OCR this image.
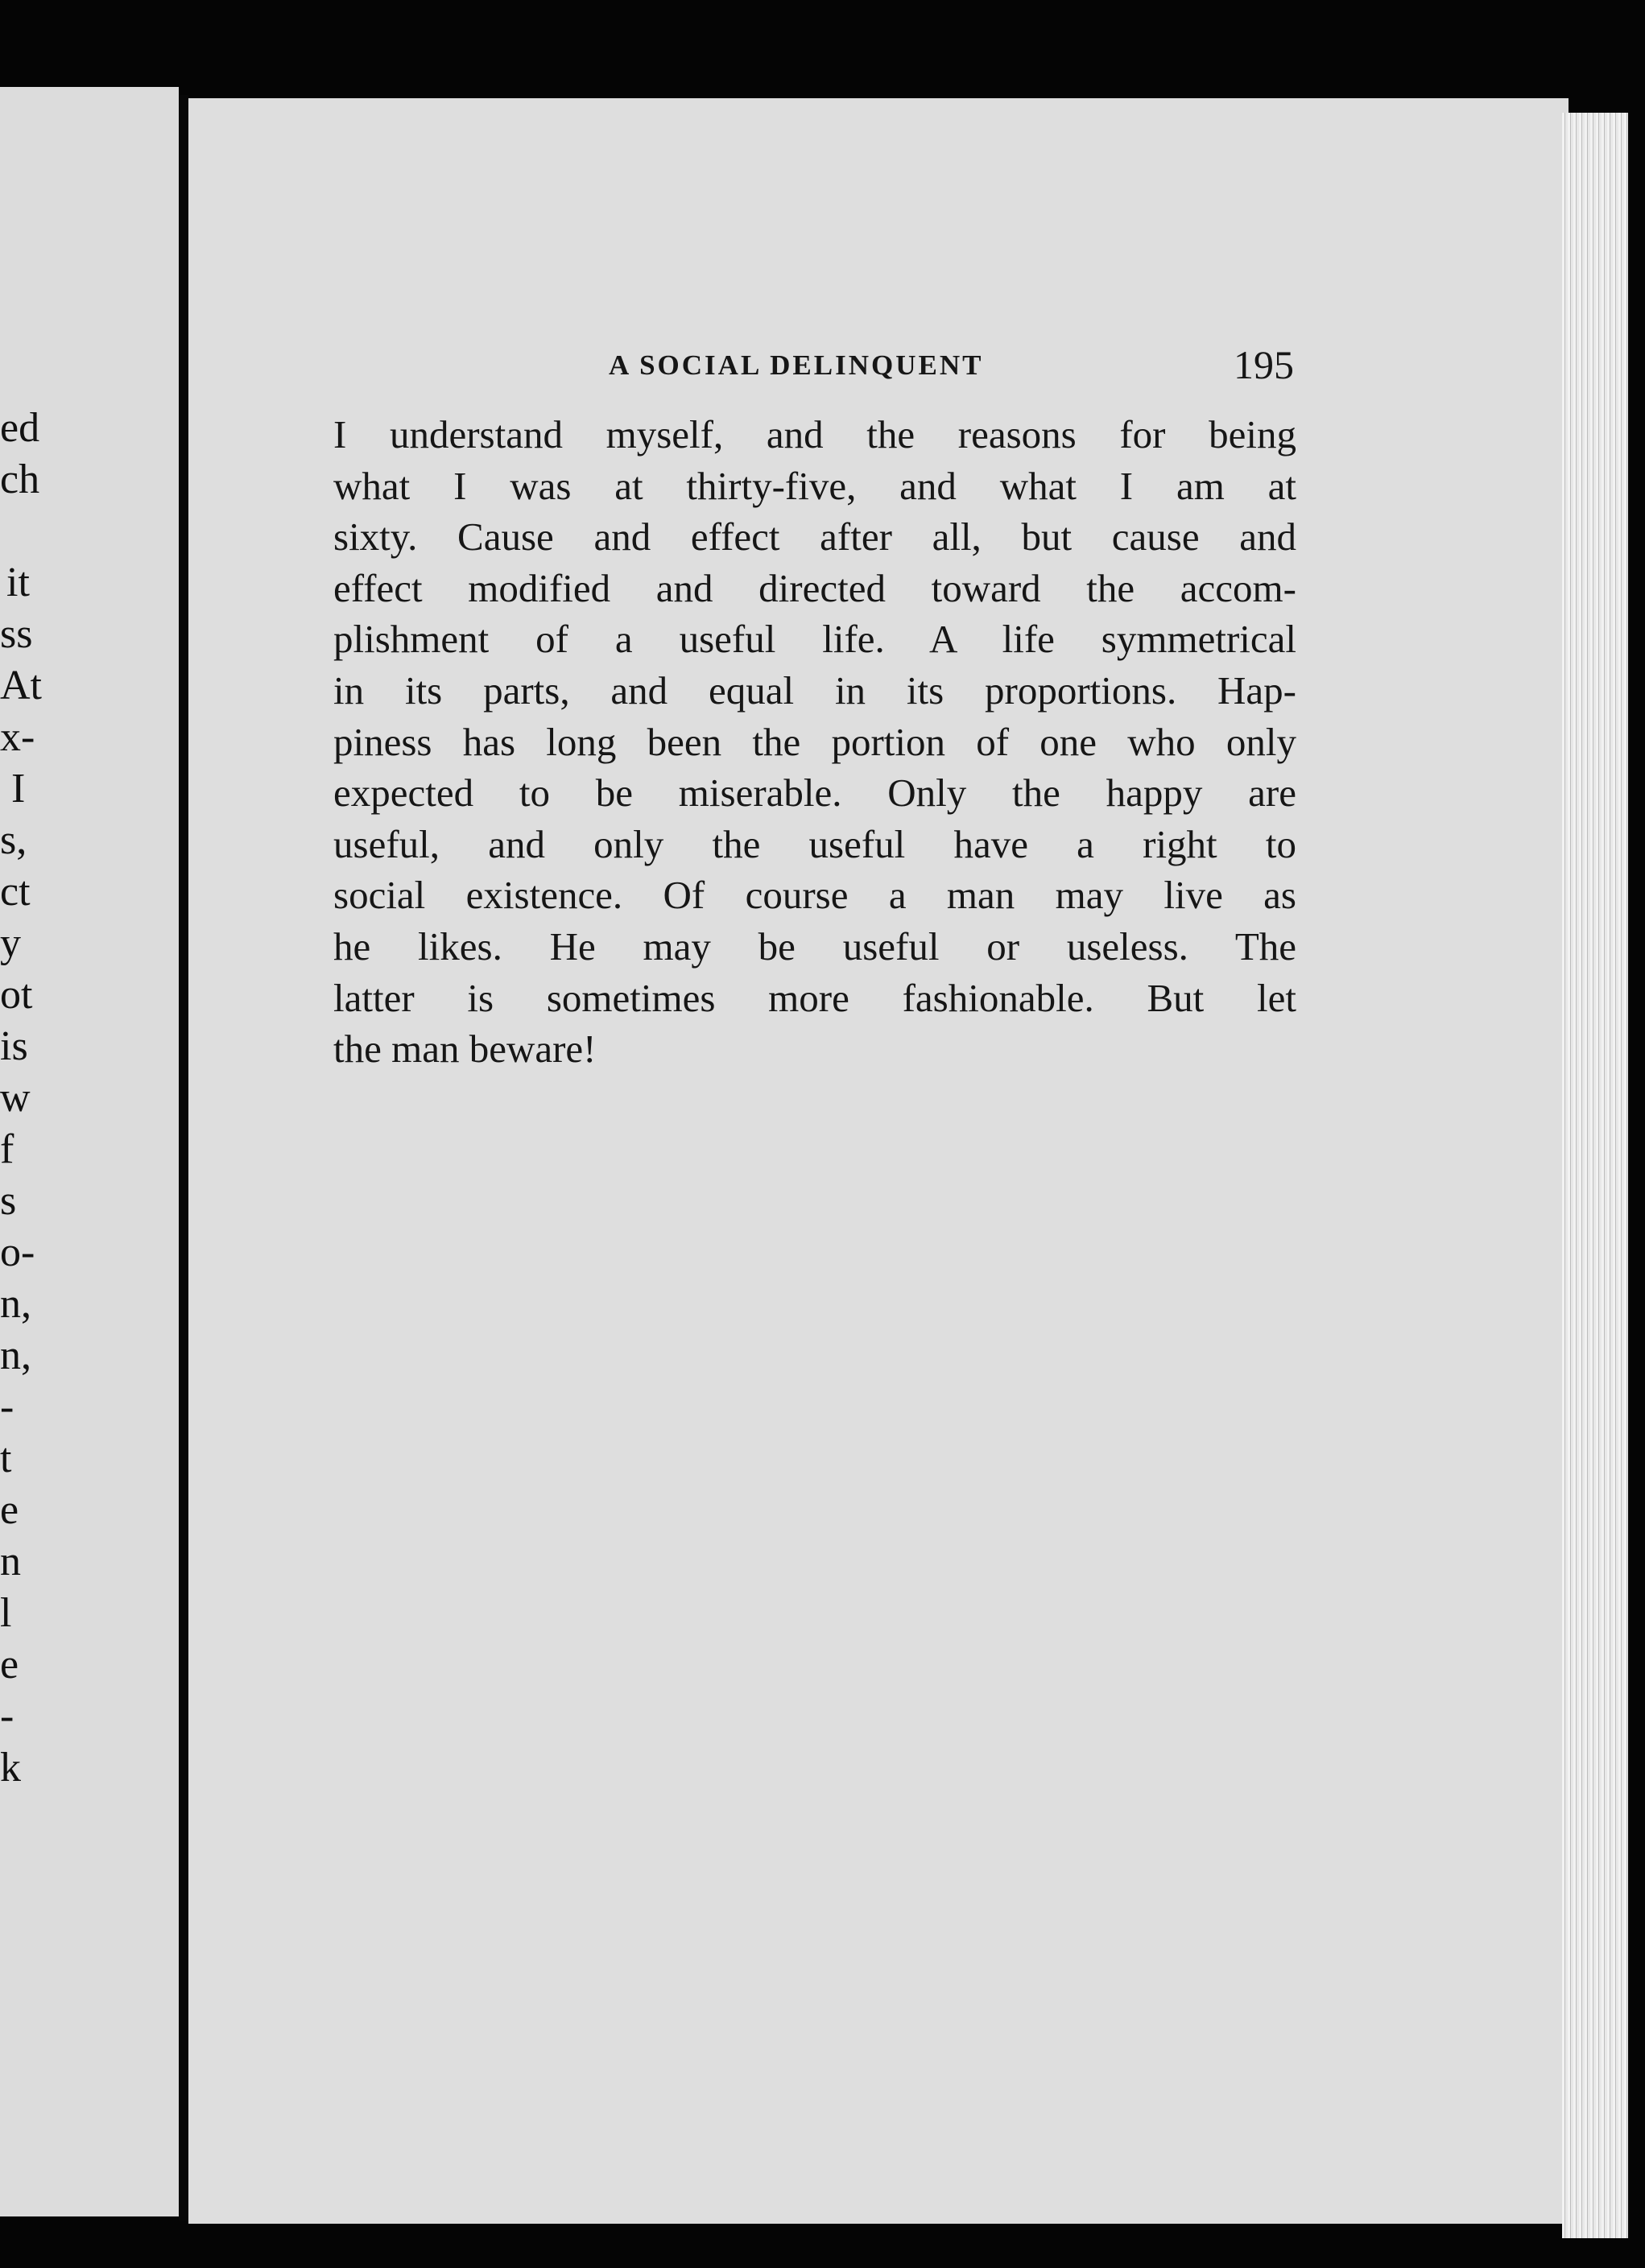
ed
ch
it
ss
At
x-
I
s,
ct
y
ot
is
w
f
s
o-
n,
n,
-
t
e
n
l
e
-
k
A SOCIAL DELINQUENT	195
I understand myself, and the reasons for being
what I was at thirty-five, and what I am at
sixty. Cause and effect after all, but cause and
effect modified and directed toward the accom-
plishment of a useful life. A life symmetrical
in its parts, and equal in its proportions. Hap-
piness has long been the portion of one who only
expected to be miserable. Only the happy are
useful, and only the useful have a right to
social existence. Of course a man may live as
he likes. He may be useful or useless. The
latter is sometimes more fashionable. But let
the man beware!
